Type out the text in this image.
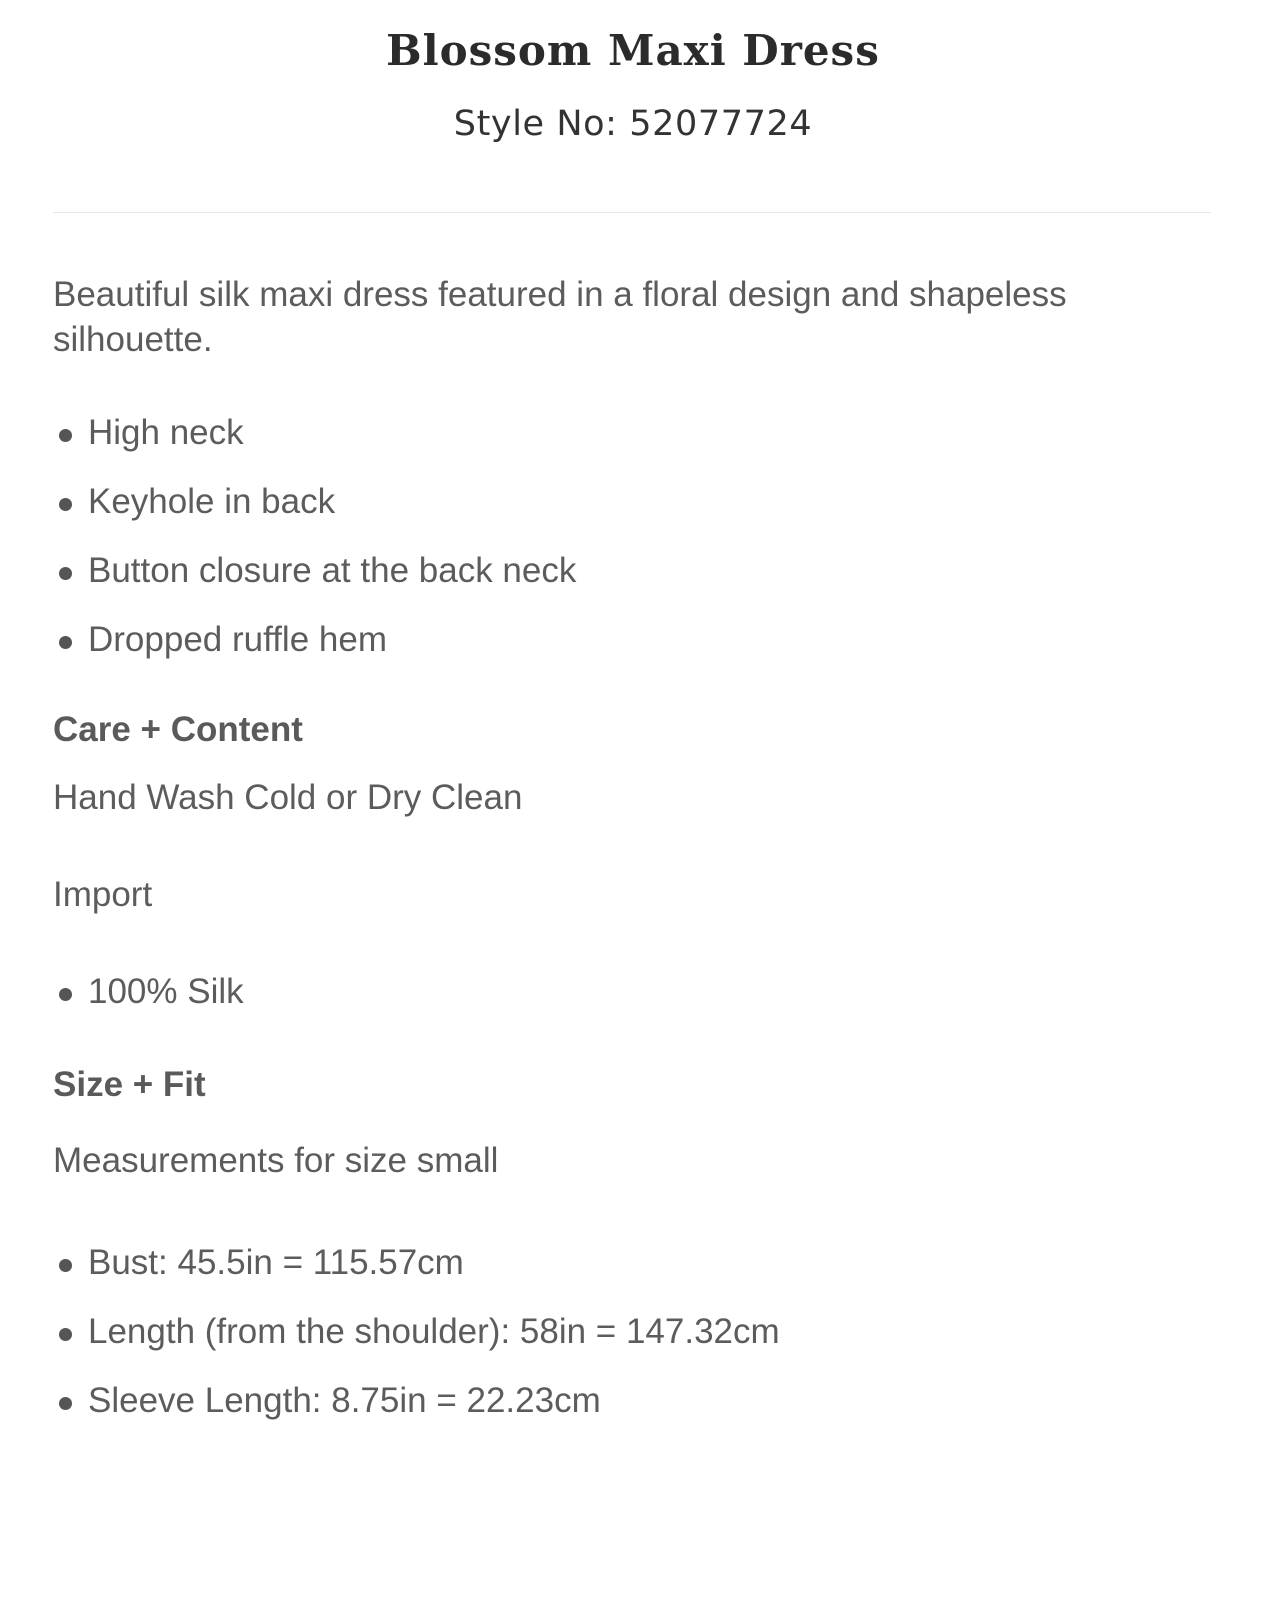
Blossom Maxi Dress
Style No: 52077724

Beautiful silk maxi dress featured in a floral design and shapeless silhouette.

High neck
Keyhole in back
Button closure at the back neck
Dropped ruffle hem
Care + Content

Hand Wash Cold or Dry Clean

Import

100% Silk
Size + Fit

Measurements for size small

Bust: 45.5in = 115.57cm
Length (from the shoulder): 58in = 147.32cm
Sleeve Length: 8.75in = 22.23cm
